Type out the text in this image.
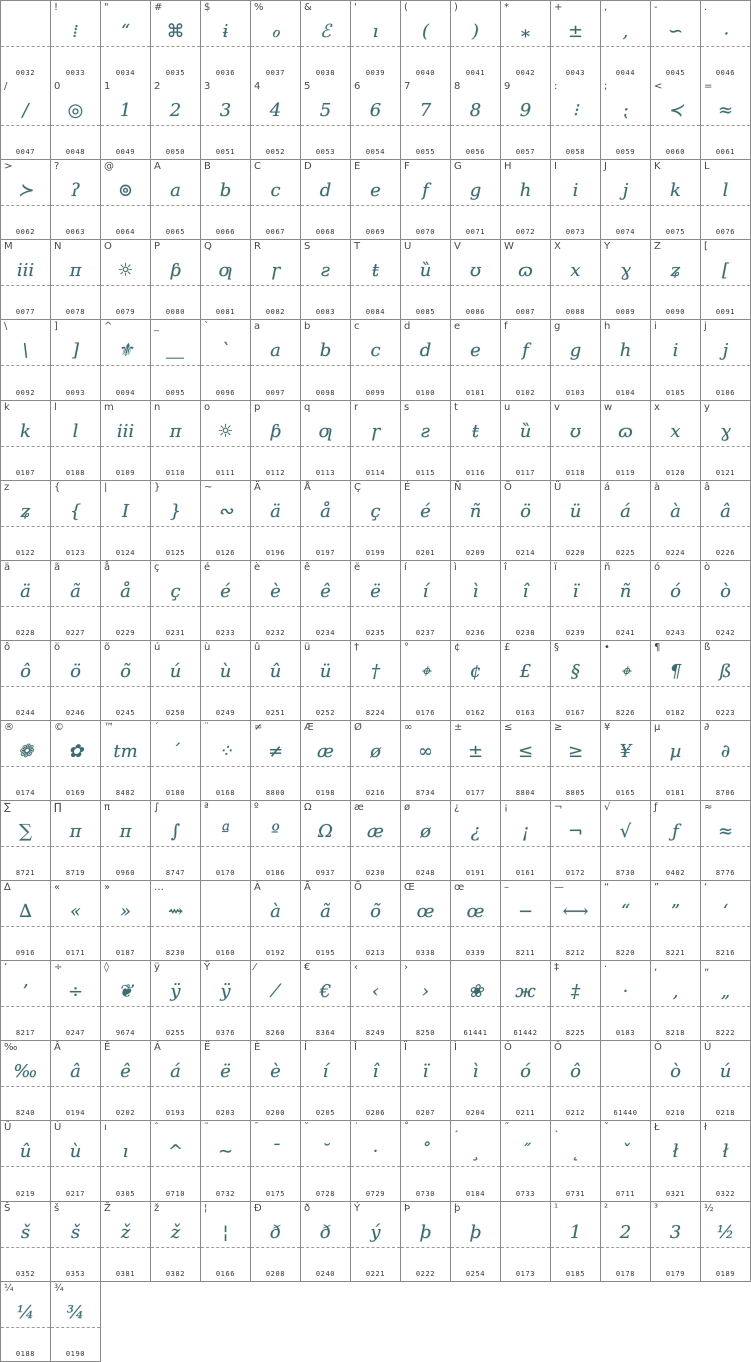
0032
!
⁞
0033
"
“
0034
#
⌘
0035
$
ɨ
0036
%
ℴ
0037
&
ℰ
0038
'
ı
0039
(
(
0040
)
)
0041
*
⁎
0042
+
±
0043
,
,
0044
-
∽
0045
.
⸳
0046
/
/
0047
0
◎
0048
1
1
0049
2
2
0050
3
3
0051
4
4
0052
5
5
0053
6
6
0054
7
7
0055
8
8
0056
9
9
0057
:
⁝
0058
;
⁏
0059
<
≺
0060
=
≈
0061
>
≻
0062
?
ʔ
0063
@
⊚
0064
A
a
0065
B
b
0066
C
c
0067
D
d
0068
E
e
0069
F
f
0070
G
g
0071
H
h
0072
I
i
0073
J
j
0074
K
k
0075
L
l
0076
M
ⅲ
0077
N
π
0078
O
☼
0079
P
ƥ
0080
Q
ƣ
0081
R
ɼ
0082
S
ƨ
0083
T
ŧ
0084
U
ȕ
0085
V
ʊ
0086
W
ɷ
0087
X
ⅹ
0088
Y
ɣ
0089
Z
ʑ
0090
[
[
0091
\
\
0092
]
]
0093
^
⚜
0094
_
⸏
0095
`
ˋ
0096
a
a
0097
b
b
0098
c
c
0099
d
d
0100
e
e
0101
f
f
0102
g
g
0103
h
h
0104
i
i
0105
j
j
0106
k
k
0107
l
l
0108
m
ⅲ
0109
n
π
0110
o
☼
0111
p
ƥ
0112
q
ƣ
0113
r
ɼ
0114
s
ƨ
0115
t
ŧ
0116
u
ȕ
0117
v
ʊ
0118
w
ɷ
0119
x
ⅹ
0120
y
ɣ
0121
z
ʑ
0122
{
{
0123
|
I
0124
}
}
0125
~
∾
0126
Ä
ä
0196
Å
å
0197
Ç
ç
0199
É
é
0201
Ñ
ñ
0209
Ö
ö
0214
Ü
ü
0220
á
á
0225
à
à
0224
â
â
0226
ä
ä
0228
ã
ã
0227
å
å
0229
ç
ç
0231
é
é
0233
è
è
0232
ê
ê
0234
ë
ë
0235
í
í
0237
ì
ì
0236
î
î
0238
ï
ï
0239
ñ
ñ
0241
ó
ó
0243
ò
ò
0242
ô
ô
0244
ö
ö
0246
õ
õ
0245
ú
ú
0250
ù
ù
0249
û
û
0251
ü
ü
0252
†
†
8224
°
⌖
0176
¢
¢
0162
£
£
0163
§
§
0167
•
⌖
8226
¶
¶
0182
ß
ß
0223
®
❁
0174
©
✿
0169
™
tm
8482
´
ˊ
0180
¨
⁘
0168
≠
≠
8800
Æ
æ
0198
Ø
ø
0216
∞
∞
8734
±
±
0177
≤
≤
8804
≥
≥
8805
¥
¥
0165
µ
µ
0181
∂
∂
8706
∑
∑
8721
∏
π
8719
π
π
0960
∫
∫
8747
ª
ª
0170
º
º
0186
Ω
Ω
0937
æ
æ
0230
ø
ø
0248
¿
¿
0191
¡
¡
0161
¬
¬
0172
√
√
8730
ƒ
ƒ
0402
≈
≈
8776
∆
∆
0916
«
«
0171
»
»
0187
…
⇝
8230	0160
À
à
0192
Ã
ã
0195
Õ
õ
0213
Œ
œ
0338
œ
œ
0339
–
−
8211
—
⟷
8212
“
“
8220
”
”
8221
‘
‘
8216
’
’
8217
÷
÷
0247
◊
❦
9674
ÿ
ÿ
0255
Ÿ
ÿ
0376
⁄
⁄
8260
€
€
8364
‹
‹
8249
›
›
8250
❀
61441
ж
61442
‡
‡
8225
·
·
0183
‚
‚
8218
„
„
8222
‰
‰
8240
Â
â
0194
Ê
ê
0202
Á
á
0193
Ë
ë
0203
È
è
0200
Í
í
0205
Î
î
0206
Ï
ï
0207
Ì
ì
0204
Ó
ó
0211
Ô
ô
0212	61440
Ò
ò
0210
Ú
ú
0218
Û
û
0219
Ù
ù
0217
ı
ı
0305
ˆ
^
0710
˜
∼
0732
¯
¯
0175
˘
˘
0728
˙
·
0729
˚
˚
0730
¸
¸
0184
˝
˝
0733
˛
˛
0731
ˇ
ˇ
0711
Ł
ł
0321
ł
ł
0322
Š
š
0352
š
š
0353
Ž
ž
0381
ž
ž
0382
¦
¦
0166
Ð
ð
0208
ð
ð
0240
Ý
ý
0221
Þ
þ
0222
þ
þ
0254	0173
¹
1
0185
²
2
0178
³
3
0179
½
½
0189
¼
¼
0188
¾
¾
0190
